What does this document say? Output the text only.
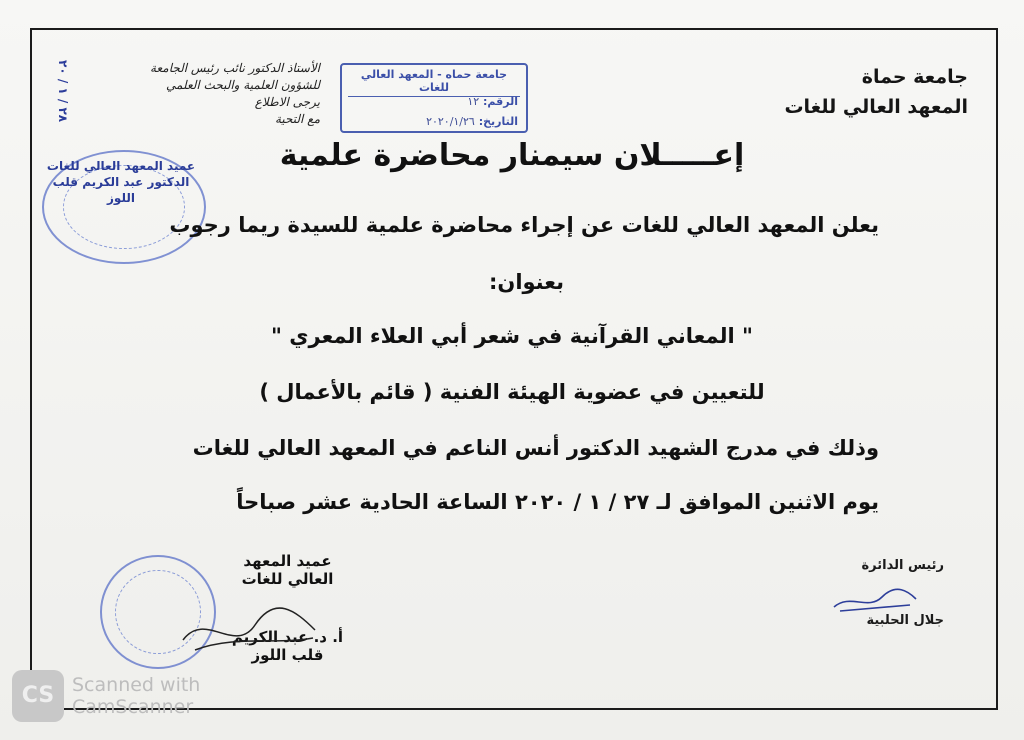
جامعة حماة
المعهد العالي للغات
جامعة حماه - المعهد العالي للغات
الرقم: ١٢
التاريخ: ٢٠٢٠/١/٢٦
الأستاذ الدكتور نائب رئيس الجامعة
للشؤون العلمية والبحث العلمي
يرجى الاطلاع
مع التحية
٢٨ / ١ / ٢٠
عميد المعهد العالي للغات
الدكتور عبد الكريم قلب اللوز
إعـــــلان سيمنار محاضرة علمية
يعلن المعهد العالي للغات عن إجراء محاضرة علمية للسيدة ريما رجوب
بعنوان:
" المعاني القرآنية في شعر أبي العلاء المعري "
للتعيين في عضوية الهيئة الفنية ( قائم بالأعمال )
وذلك في مدرج الشهيد الدكتور أنس الناعم في المعهد العالي للغات
يوم الاثنين الموافق لـ ٢٧ / ١ / ٢٠٢٠ الساعة الحادية عشر صباحاً
رئيس الدائرة
جلال الحلبية
عميد المعهد العالي للغات
أ. د. عبد الكريم قلب اللوز
CS Scanned with
CamScanner
